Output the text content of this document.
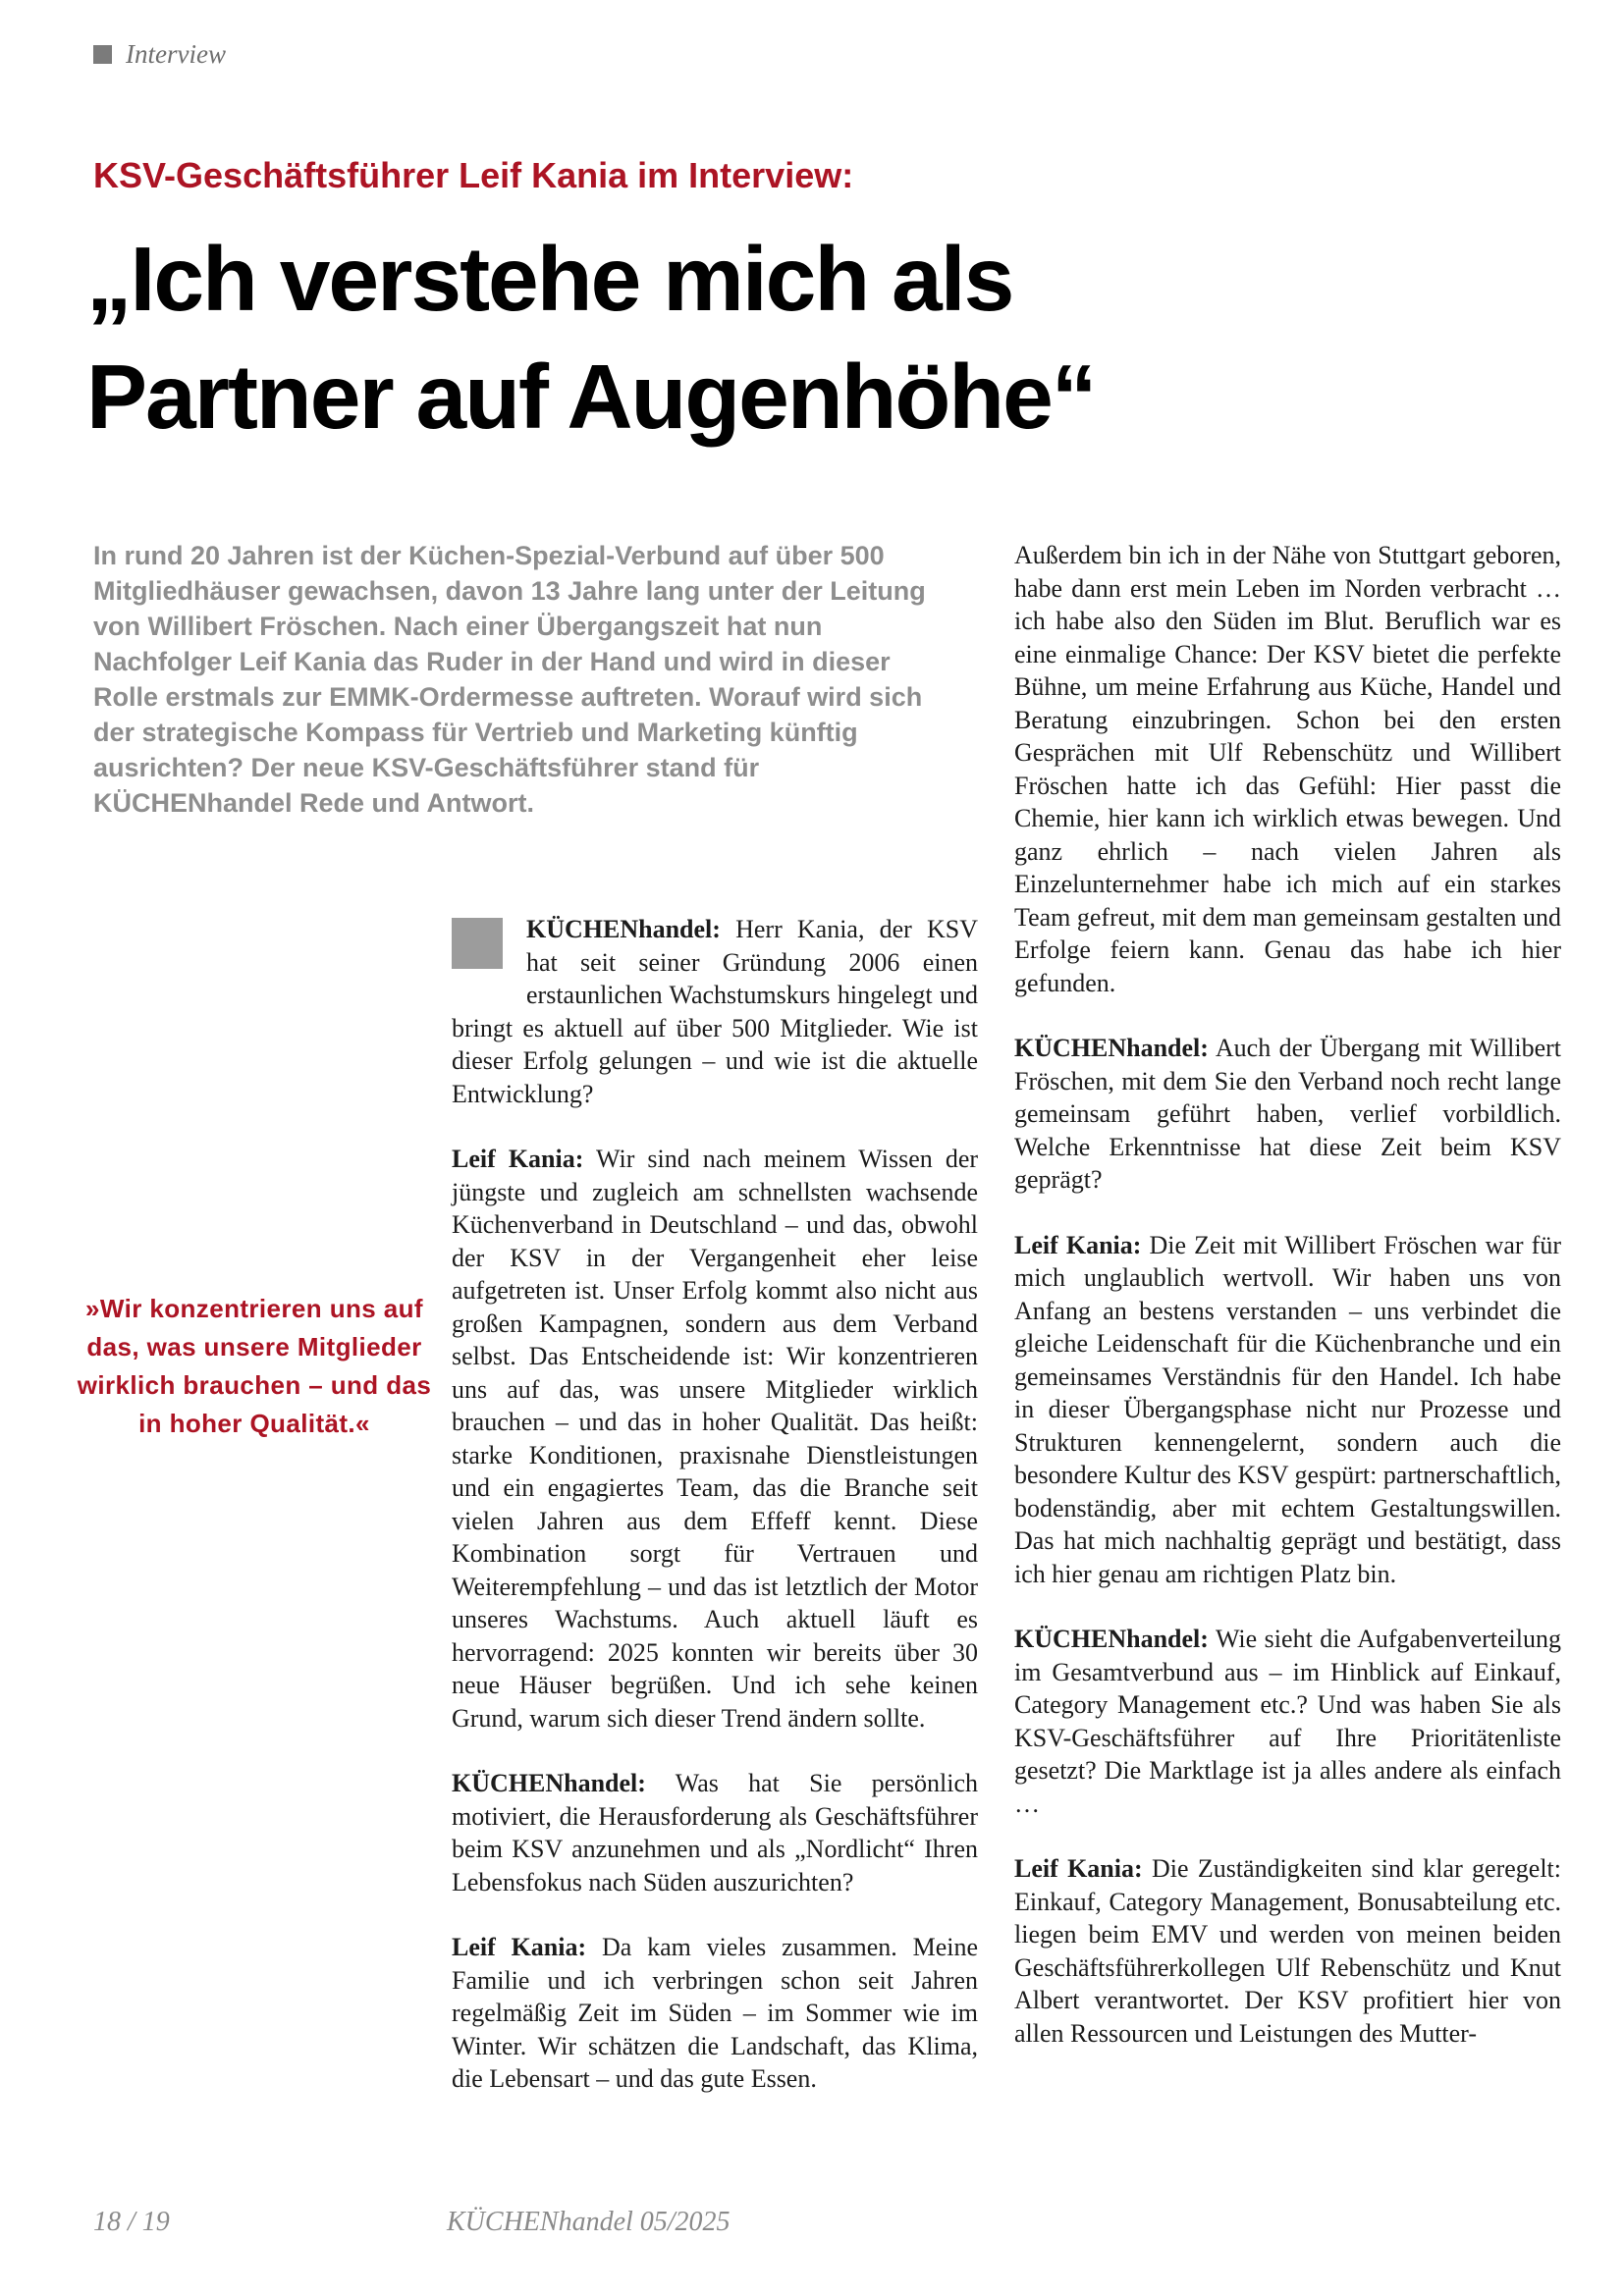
Interview
KSV-Geschäftsführer Leif Kania im Interview:
„Ich verstehe mich als
Partner auf Augenhöhe“

In rund 20 Jahren ist der Küchen-Spezial-Verbund auf über 500 Mitgliedhäuser gewachsen, davon 13 Jahre lang unter der Leitung von Willibert Fröschen. Nach einer Übergangszeit hat nun Nachfolger Leif Kania das Ruder in der Hand und wird in dieser Rolle erstmals zur EMMK-Ordermesse auftreten. Worauf wird sich der strategische Kompass für Vertrieb und Marketing künftig ausrichten? Der neue KSV-Geschäftsführer stand für KÜCHENhandel Rede und Antwort.

»Wir konzentrieren uns auf das, was unsere Mitglieder wirklich brauchen – und das in hoher Qualität.«

KÜCHENhandel: Herr Kania, der KSV hat seit seiner Gründung 2006 einen erstaunlichen Wachstumskurs hingelegt und bringt es aktuell auf über 500 Mitglieder. Wie ist dieser Erfolg gelungen – und wie ist die aktuelle Entwicklung?

Leif Kania: Wir sind nach meinem Wissen der jüngste und zugleich am schnellsten wachsende Küchenverband in Deutschland – und das, obwohl der KSV in der Vergangenheit eher leise aufgetreten ist. Unser Erfolg kommt also nicht aus großen Kampagnen, sondern aus dem Verband selbst. Das Entscheidende ist: Wir konzentrieren uns auf das, was unsere Mitglieder wirklich brauchen – und das in hoher Qualität. Das heißt: starke Konditionen, praxisnahe Dienstleistungen und ein engagiertes Team, das die Branche seit vielen Jahren aus dem Effeff kennt. Diese Kombination sorgt für Vertrauen und Weiterempfehlung – und das ist letztlich der Motor unseres Wachstums. Auch aktuell läuft es hervorragend: 2025 konnten wir bereits über 30 neue Häuser begrüßen. Und ich sehe keinen Grund, warum sich dieser Trend ändern sollte.

KÜCHENhandel: Was hat Sie persönlich motiviert, die Herausforderung als Geschäftsführer beim KSV anzunehmen und als „Nordlicht“ Ihren Lebensfokus nach Süden auszurichten?

Leif Kania: Da kam vieles zusammen. Meine Familie und ich verbringen schon seit Jahren regelmäßig Zeit im Süden – im Sommer wie im Winter. Wir schätzen die Landschaft, das Klima, die Lebensart – und das gute Essen.

Außerdem bin ich in der Nähe von Stuttgart geboren, habe dann erst mein Leben im Norden verbracht … ich habe also den Süden im Blut. Beruflich war es eine einmalige Chance: Der KSV bietet die perfekte Bühne, um meine Erfahrung aus Küche, Handel und Beratung einzubringen. Schon bei den ersten Gesprächen mit Ulf Rebenschütz und Willibert Fröschen hatte ich das Gefühl: Hier passt die Chemie, hier kann ich wirklich etwas bewegen. Und ganz ehrlich – nach vielen Jahren als Einzelunternehmer habe ich mich auf ein starkes Team gefreut, mit dem man gemeinsam gestalten und Erfolge feiern kann. Genau das habe ich hier gefunden.

KÜCHENhandel: Auch der Übergang mit Willibert Fröschen, mit dem Sie den Verband noch recht lange gemeinsam geführt haben, verlief vorbildlich. Welche Erkenntnisse hat diese Zeit beim KSV geprägt?

Leif Kania: Die Zeit mit Willibert Fröschen war für mich unglaublich wertvoll. Wir haben uns von Anfang an bestens verstanden – uns verbindet die gleiche Leidenschaft für die Küchenbranche und ein gemeinsames Verständnis für den Handel. Ich habe in dieser Übergangsphase nicht nur Prozesse und Strukturen kennengelernt, sondern auch die besondere Kultur des KSV gespürt: partnerschaftlich, bodenständig, aber mit echtem Gestaltungswillen. Das hat mich nachhaltig geprägt und bestätigt, dass ich hier genau am richtigen Platz bin.

KÜCHENhandel: Wie sieht die Aufgabenverteilung im Gesamtverbund aus – im Hinblick auf Einkauf, Category Management etc.? Und was haben Sie als KSV-Geschäftsführer auf Ihre Prioritätenliste gesetzt? Die Marktlage ist ja alles andere als einfach …

Leif Kania: Die Zuständigkeiten sind klar geregelt: Einkauf, Category Management, Bonusabteilung etc. liegen beim EMV und werden von meinen beiden Geschäftsführerkollegen Ulf Rebenschütz und Knut Albert verantwortet. Der KSV profitiert hier von allen Ressourcen und Leistungen des Mutter-

18 / 19	KÜCHENhandel 05/2025
